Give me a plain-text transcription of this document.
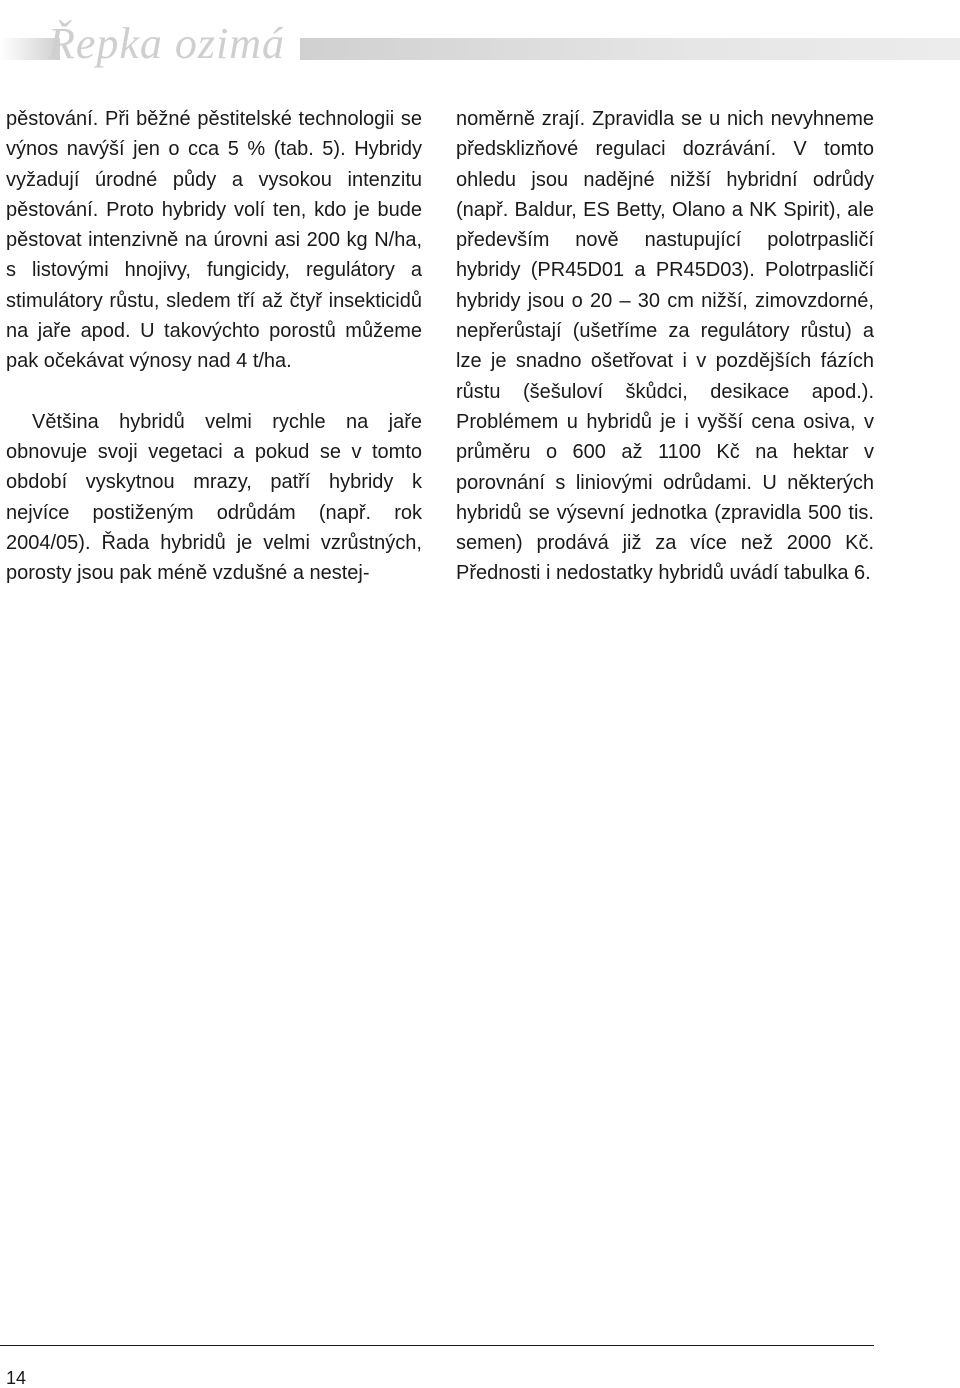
Řepka ozimá

pěstování. Při běžné pěstitelské technologii se výnos navýší jen o cca 5 % (tab. 5). Hybridy vyžadují úrodné půdy a vysokou intenzitu pěstování. Proto hybridy volí ten, kdo je bude pěstovat intenzivně na úrovni asi 200 kg N/ha, s listovými hnojivy, fungicidy, regulátory a stimulátory růstu, sledem tří až čtyř insekticidů na jaře apod. U takovýchto porostů můžeme pak očekávat výnosy nad 4 t/ha.

Většina hybridů velmi rychle na jaře obnovuje svoji vegetaci a pokud se v tomto období vyskytnou mrazy, patří hybridy k nejvíce postiženým odrůdám (např. rok 2004/05). Řada hybridů je velmi vzrůstných, porosty jsou pak méně vzdušné a nestej-

noměrně zrají. Zpravidla se u nich nevyhneme předsklizňové regulaci dozrávání. V tomto ohledu jsou nadějné nižší hybridní odrůdy (např. Baldur, ES Betty, Olano a NK Spirit), ale především nově nastupující polotrpasličí hybridy (PR45D01 a PR45D03). Polotrpasličí hybridy jsou o 20 – 30 cm nižší, zimovzdorné, nepřerůstají (ušetříme za regulátory růstu) a lze je snadno ošetřovat i v pozdějších fázích růstu (šešuloví škůdci, desikace apod.). Problémem u hybridů je i vyšší cena osiva, v průměru o 600 až 1100 Kč na hektar v porovnání s liniovými odrůdami. U některých hybridů se výsevní jednotka (zpravidla 500 tis. semen) prodává již za více než 2000 Kč. Přednosti i nedostatky hybridů uvádí tabulka 6.

14
